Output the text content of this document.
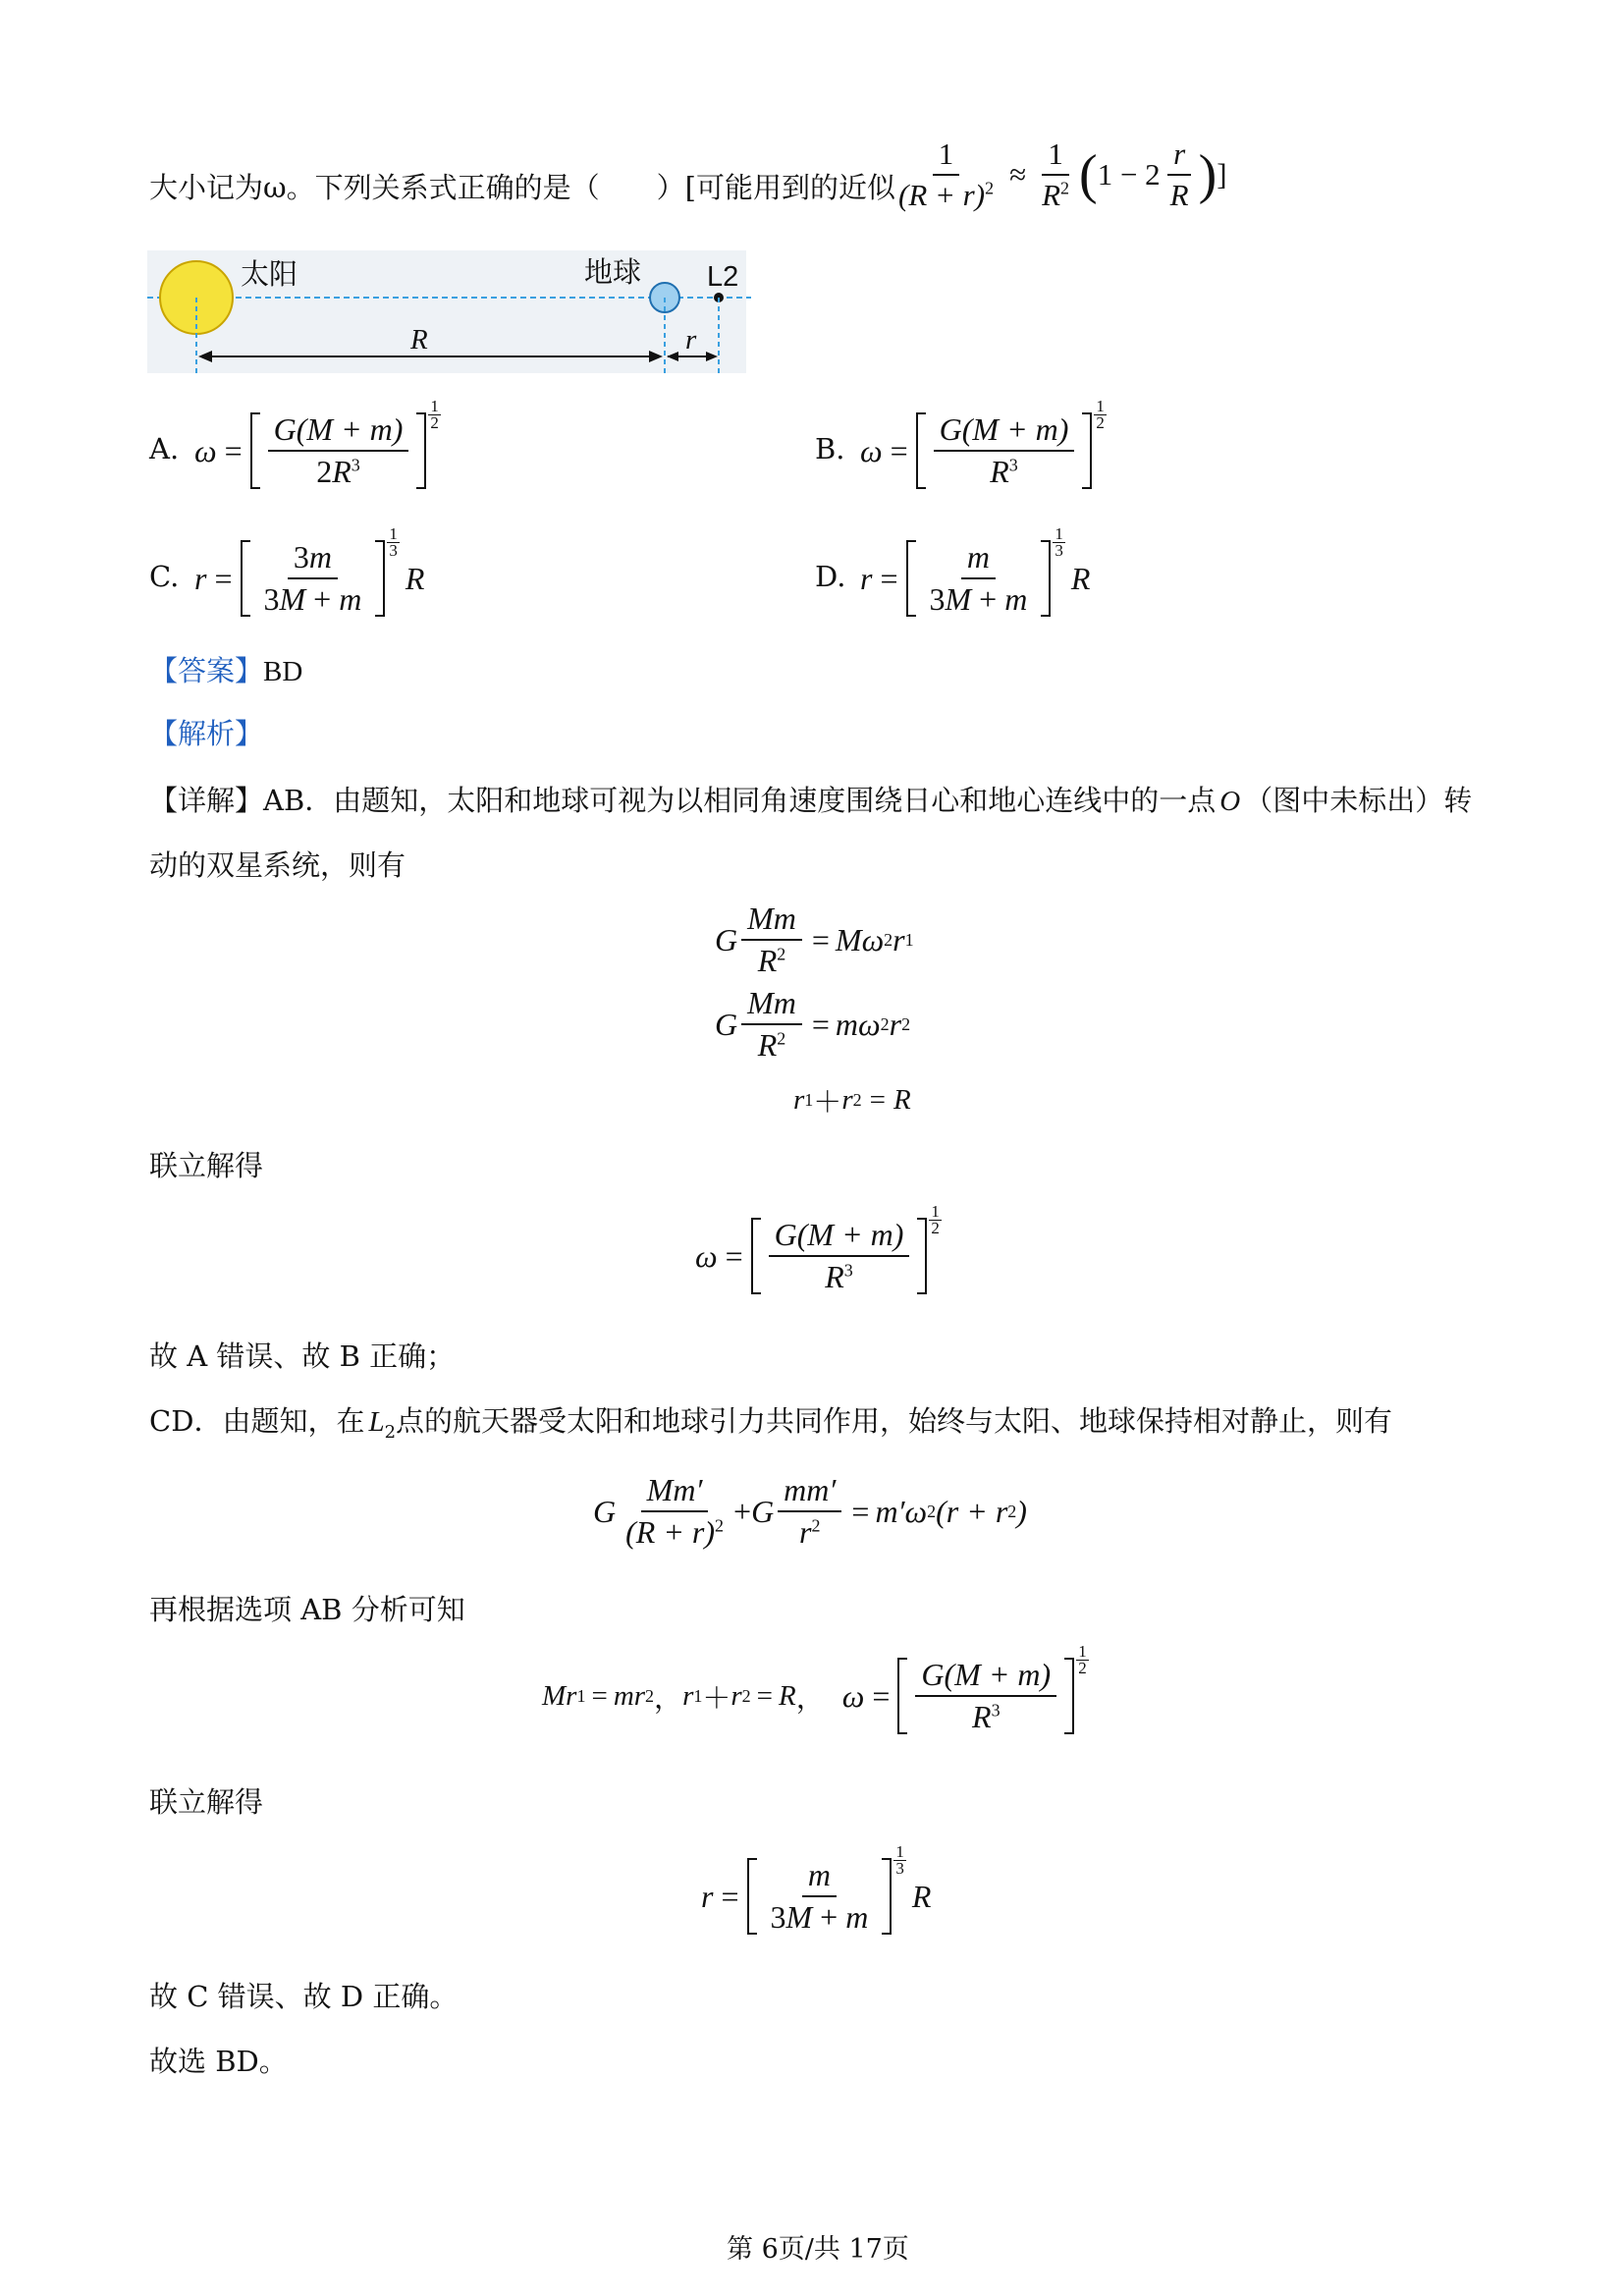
大小记为ω。下列关系式正确的是（　　）[可能用到的近似
$\frac{1}{(R + r)^2} \approx \frac{1}{R^2}$ ( $1 - 2 \frac{r}{R}$ ) ]
太阳	地球 L2
R	r
A. $\omega = \frac{G(M + m)}{2R^3}$
1
2
B. $\omega = \frac{G(M + m)}{R^3}$
1
2
C. $r = \frac{3m}{3M + m}$
1
3
R	D. $r = \frac{m}{3M + m}$
1
3
R
【答案】BD
【解析】
【详解】AB．由题知，太阳和地球可视为以相同角速度围绕日心和地心连线中的一点 O （图中未标出）转
动的双星系统，则有
G $\frac{Mm}{R^2} = M\omega$ 2 r 1
G $\frac{Mm}{R^2} = m\omega$ 2 r 2
r 1 ＋ r 2 = R
联立解得
$\omega = \frac{G(M + m)}{R^3}$
1
2
故 A 错误、故 B 正确；
CD．由题知，在 $L_2$点的航天器受太阳和地球引力共同作用，始终与太阳、地球保持相对静止，则有
G $\frac{Mm'}{(R + r)^2} + G \frac{mm'}{r^2} = m'\omega$ 2 (r + r 2 )
再根据选项 AB 分析可知
Mr 1 = mr 2 ， r 1 ＋ r 2 = R ， $\omega = \frac{G(M + m)}{R^3}$
1
2
联立解得
$r = \frac{m}{3M + m}$
1
3
R
故 C 错误、故 D 正确。
故选 BD。
第 6页/共 17页
